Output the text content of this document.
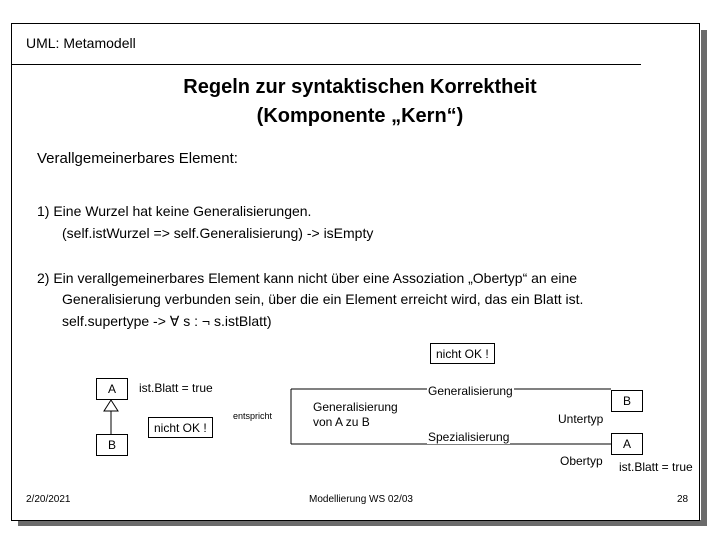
UML: Metamodell
Regeln zur syntaktischen Korrektheit
(Komponente „Kern“)
Verallgemeinerbares Element:
1) Eine Wurzel hat keine Generalisierungen.
(self.istWurzel => self.Generalisierung) -> isEmpty
2) Ein verallgemeinerbares Element kann nicht über eine Assoziation „Obertyp“ an eine
Generalisierung verbunden sein, über die ein Element erreicht wird, das ein Blatt ist.
self.supertype -> ∀ s : ¬ s.istBlatt)
nicht OK !
A
B
ist.Blatt = true
nicht OK !
entspricht
Generalisierung
von A zu B
Generalisierung
Spezialisierung
Untertyp
Obertyp
B
A
ist.Blatt = true
2/20/2021	Modellierung WS 02/03	28
